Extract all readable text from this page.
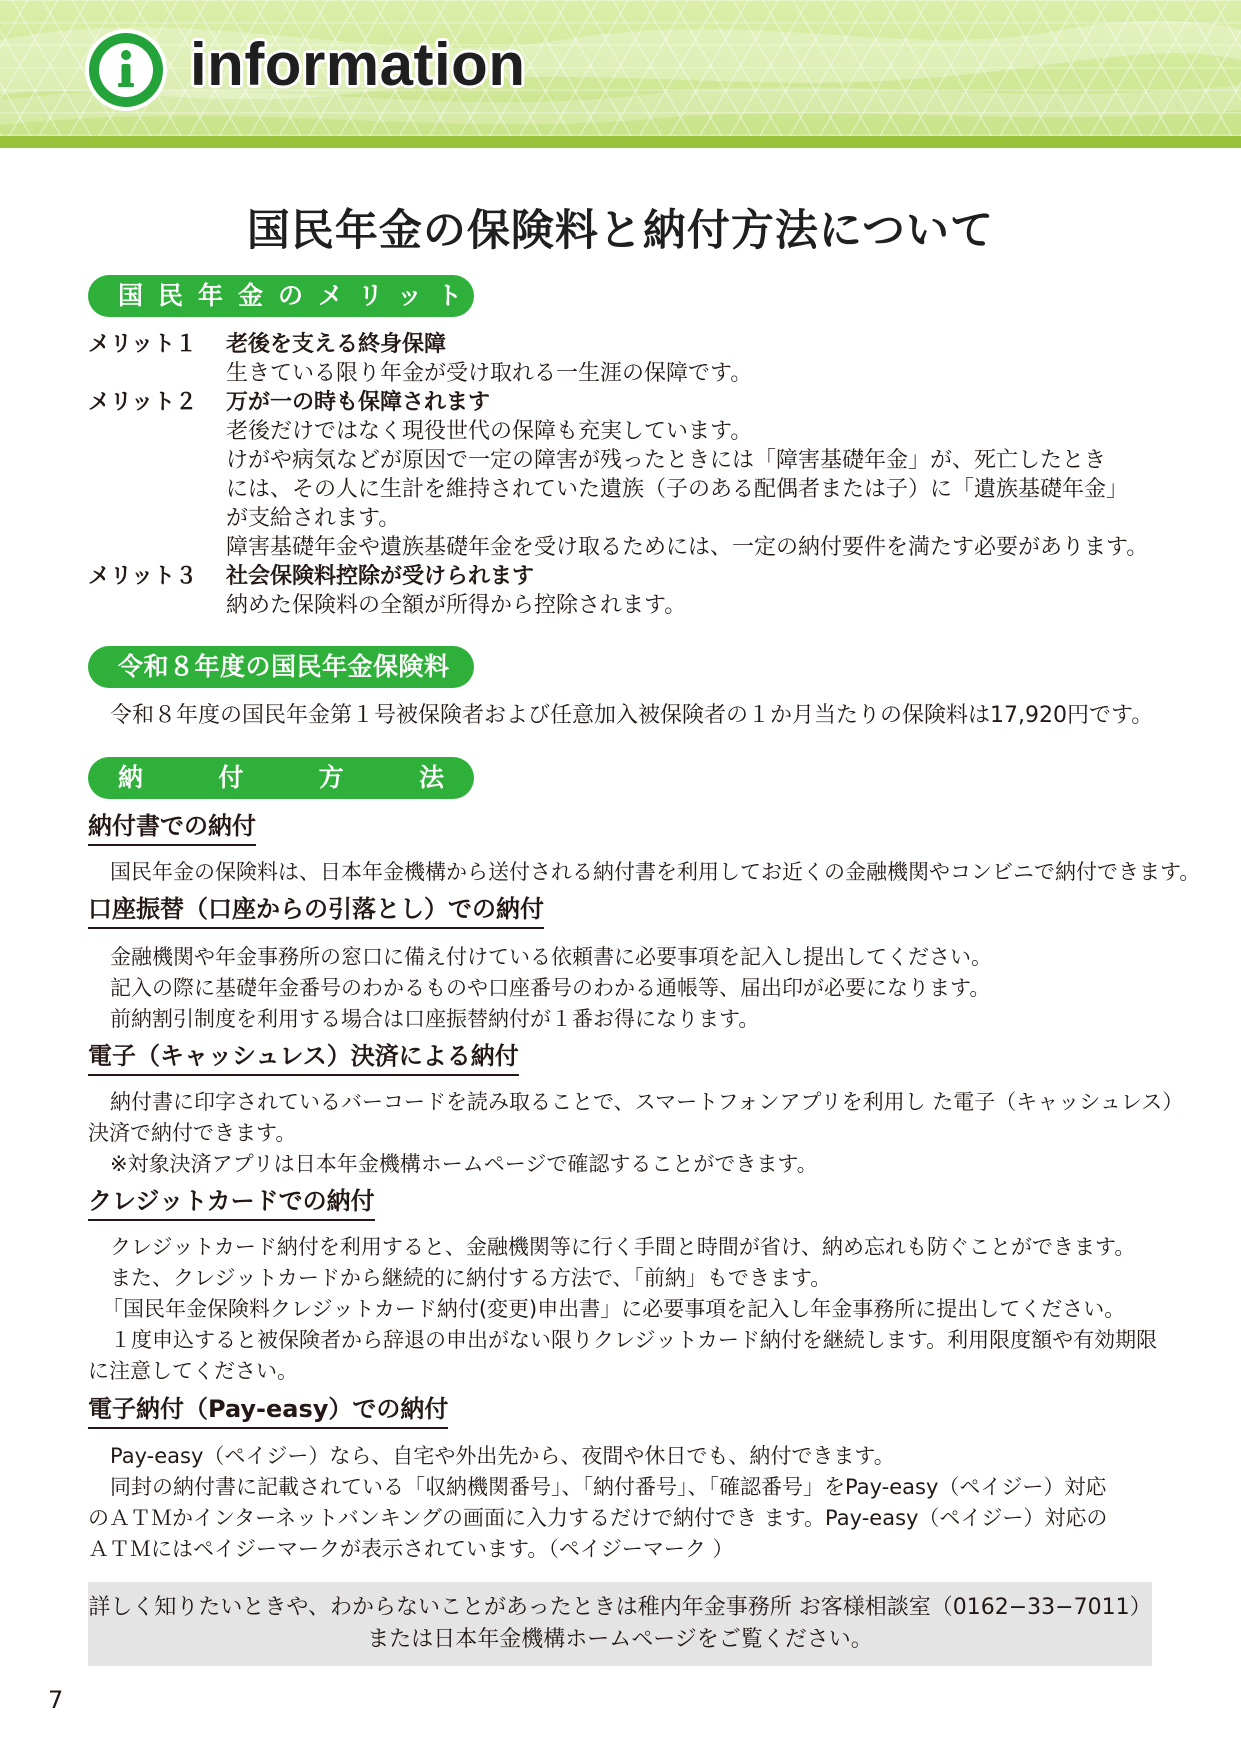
information
国民年金の保険料と納付方法について
国民年金のメリット
メリット１	老後を支える終身保障
生きている限り年金が受け取れる一生涯の保障です。
メリット２	万が一の時も保障されます
老後だけではなく現役世代の保障も充実しています。
けがや病気などが原因で一定の障害が残ったときには「障害基礎年金」が、死亡したとき
には、その人に生計を維持されていた遺族（子のある配偶者または子）に「遺族基礎年金」
が支給されます。
障害基礎年金や遺族基礎年金を受け取るためには、一定の納付要件を満たす必要があります。
メリット３	社会保険料控除が受けられます
納めた保険料の全額が所得から控除されます。
令和８年度の国民年金保険料
令和８年度の国民年金第１号被保険者および任意加入被保険者の１か月当たりの保険料は17,920円です。
納	付	方	法
納付書での納付
国民年金の保険料は、日本年金機構から送付される納付書を利用してお近くの金融機関やコンビニで納付できます。
口座振替（口座からの引落とし）での納付
金融機関や年金事務所の窓口に備え付けている依頼書に必要事項を記入し提出してください。
記入の際に基礎年金番号のわかるものや口座番号のわかる通帳等、届出印が必要になります。
前納割引制度を利用する場合は口座振替納付が１番お得になります。
電子（キャッシュレス）決済による納付
納付書に印字されているバーコードを読み取ることで、スマートフォンアプリを利用し た電子（キャッシュレス）
決済で納付できます。
※対象決済アプリは日本年金機構ホームページで確認することができます。
クレジットカードでの納付
クレジットカード納付を利用すると、金融機関等に行く手間と時間が省け、納め忘れも防ぐことができます。
また、クレジットカードから継続的に納付する方法で、「前納」もできます。
「国民年金保険料クレジットカード納付(変更)申出書」に必要事項を記入し年金事務所に提出してください。
１度申込すると被保険者から辞退の申出がない限りクレジットカード納付を継続します。利用限度額や有効期限
に注意してください。
電子納付（Pay-easy）での納付
Pay-easy（ペイジー）なら、自宅や外出先から、夜間や休日でも、納付できます。
同封の納付書に記載されている「収納機関番号」、「納付番号」、「確認番号」をPay-easy（ペイジー）対応
のＡＴＭかインターネットバンキングの画面に入力するだけで納付でき ます。Pay-easy（ペイジー）対応の
ＡＴＭにはペイジーマークが表示されています。（ペイジーマーク ）
詳しく知りたいときや、わからないことがあったときは稚内年金事務所 お客様相談室（0162−33−7011）
または日本年金機構ホームページをご覧ください。
7
